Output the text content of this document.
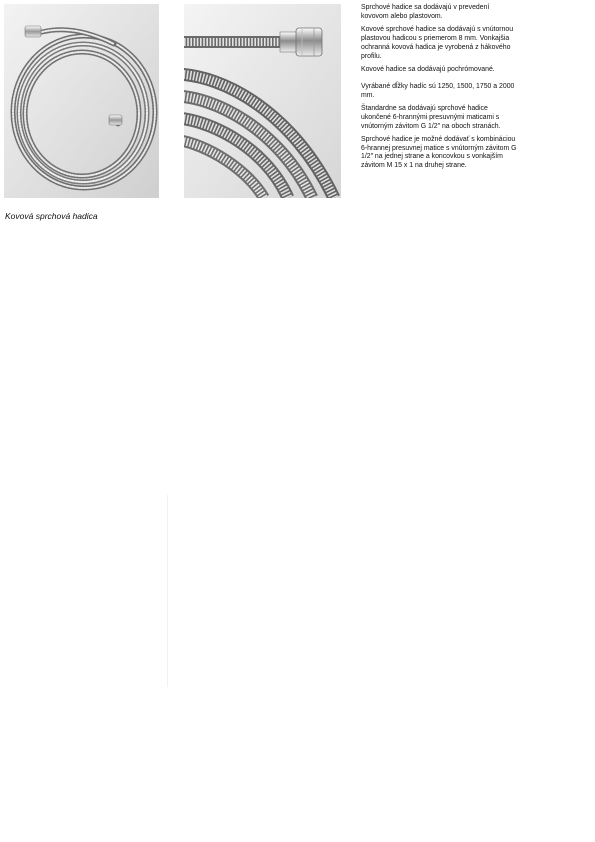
Kovová sprchová hadica

Sprchové hadice sa dodávajú v prevedení kovovom alebo plastovom.

Kovové sprchové hadice sa dodávajú s vnútornou plastovou hadicou s priemerom 8 mm. Vonkajšia ochranná kovová hadica je vyrobená z hákového profilu.

Kovové hadice sa dodávajú pochrómované.

Vyrábané dĺžky hadíc sú 1250, 1500, 1750 a 2000 mm.

Štandardne sa dodávajú sprchové hadice ukončené 6-hrannými presuvnými maticami s vnútorným závitom G 1/2″ na oboch stranách.

Sprchové hadice je možné dodávať s kombináciou 6-hrannej presuvnej matice s vnútorným závitom G 1/2″ na jednej strane a koncovkou s vonkajším závitom M 15 x 1 na druhej strane.
